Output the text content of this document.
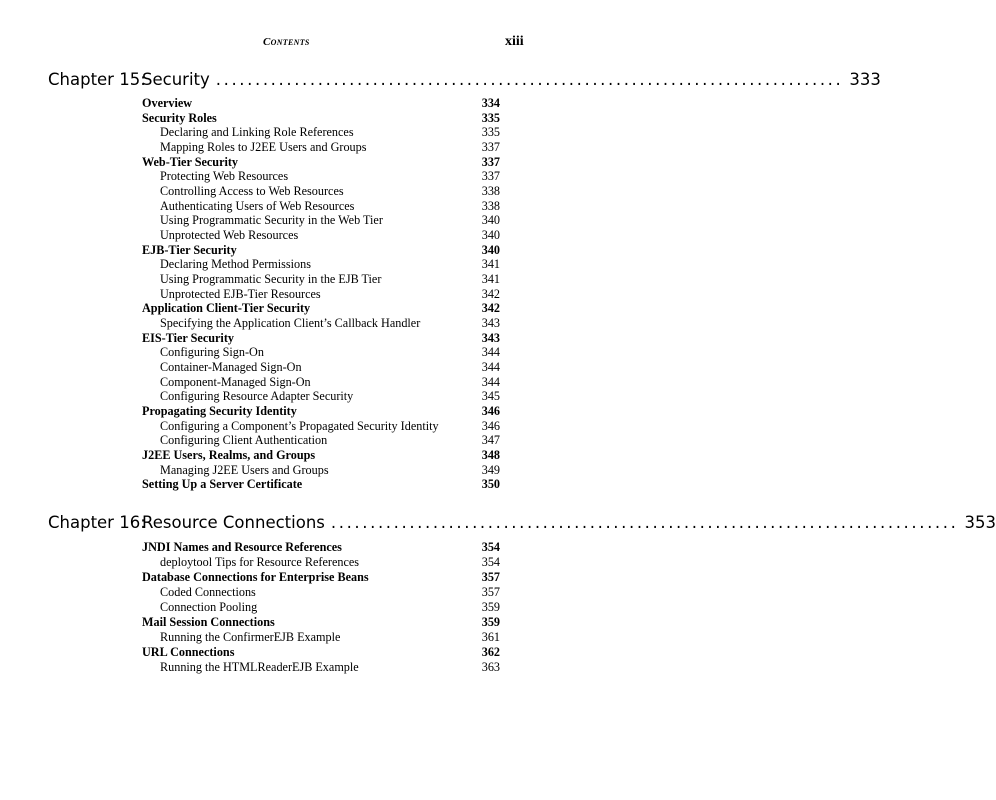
Contents	xiii
Chapter 15:
Security ................................................................................ 333
Overview	334
Security Roles	335
Declaring and Linking Role References	335
Mapping Roles to J2EE Users and Groups	337
Web-Tier Security	337
Protecting Web Resources	337
Controlling Access to Web Resources	338
Authenticating Users of Web Resources	338
Using Programmatic Security in the Web Tier	340
Unprotected Web Resources	340
EJB-Tier Security	340
Declaring Method Permissions	341
Using Programmatic Security in the EJB Tier	341
Unprotected EJB-Tier Resources	342
Application Client-Tier Security	342
Specifying the Application Client’s Callback Handler	343
EIS-Tier Security	343
Configuring Sign-On	344
Container-Managed Sign-On	344
Component-Managed Sign-On	344
Configuring Resource Adapter Security	345
Propagating Security Identity	346
Configuring a Component’s Propagated Security Identity	346
Configuring Client Authentication	347
J2EE Users, Realms, and Groups	348
Managing J2EE Users and Groups	349
Setting Up a Server Certificate	350
Chapter 16:
Resource Connections ................................................................................ 353
JNDI Names and Resource References	354
deploytool Tips for Resource References	354
Database Connections for Enterprise Beans	357
Coded Connections	357
Connection Pooling	359
Mail Session Connections	359
Running the ConfirmerEJB Example	361
URL Connections	362
Running the HTMLReaderEJB Example	363
